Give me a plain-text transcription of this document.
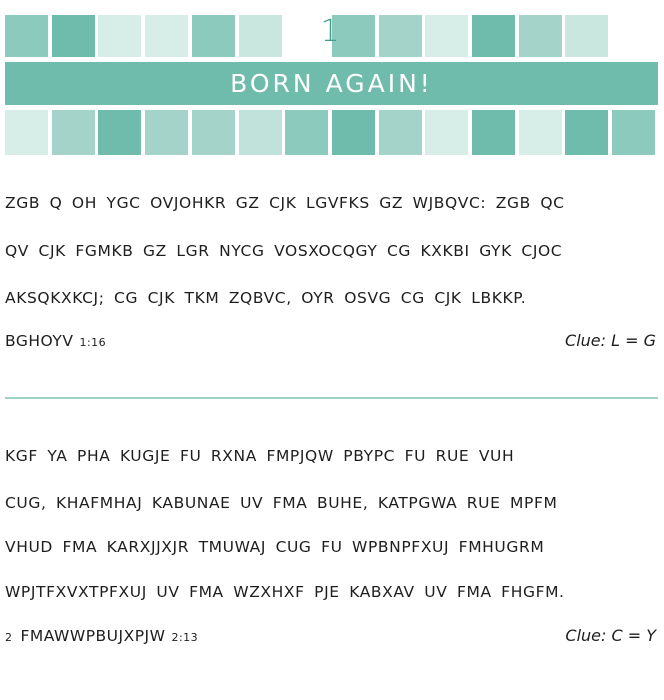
1
BORN AGAIN!
ZGB Q OH YGC OVJOHKR GZ CJK LGVFKS GZ WJBQVC: ZGB QC
QV CJK FGMKB GZ LGR NYCG VOSXOCQGY CG KXKBI GYK CJOC
AKSQKXKCJ; CG CJK TKM ZQBVC, OYR OSVG CG CJK LBKKP.
BGHOYV 1:16	Clue: L = G
KGF YA PHA KUGJE FU RXNA FMPJQW PBYPC FU RUE VUH
CUG, KHAFMHAJ KABUNAE UV FMA BUHE, KATPGWA RUE MPFM
VHUD FMA KARXJJXJR TMUWAJ CUG FU WPBNPFXUJ FMHUGRM
WPJTFXVXTPFXUJ UV FMA WZXHXF PJE KABXAV UV FMA FHGFM.
2 FMAWWPBUJXPJW 2:13	Clue: C = Y
